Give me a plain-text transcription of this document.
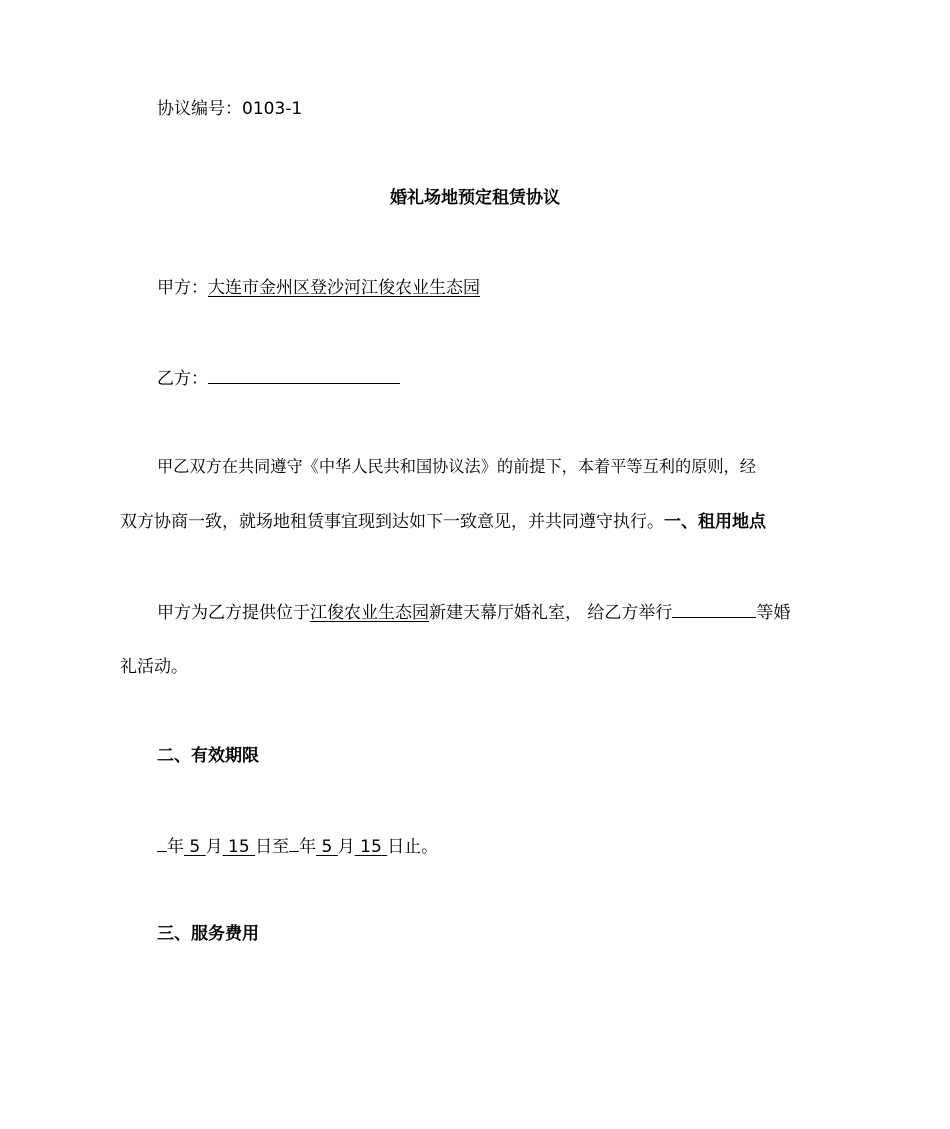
协议编号：0103-1
婚礼场地预定租赁协议
甲方：大连市金州区登沙河江俊农业生态园
乙方：
甲乙双方在共同遵守《中华人民共和国协议法》的前提下，本着平等互利的原则，经
双方协商一致，就场地租赁事宜现到达如下一致意见，并共同遵守执行。一、租用地点
甲方为乙方提供位于江俊农业生态园新建天幕厅婚礼室， 给乙方举行	等婚
礼活动。
二、有效期限
年 5 月 15 日至 年 5 月 15 日止。
三、服务费用
